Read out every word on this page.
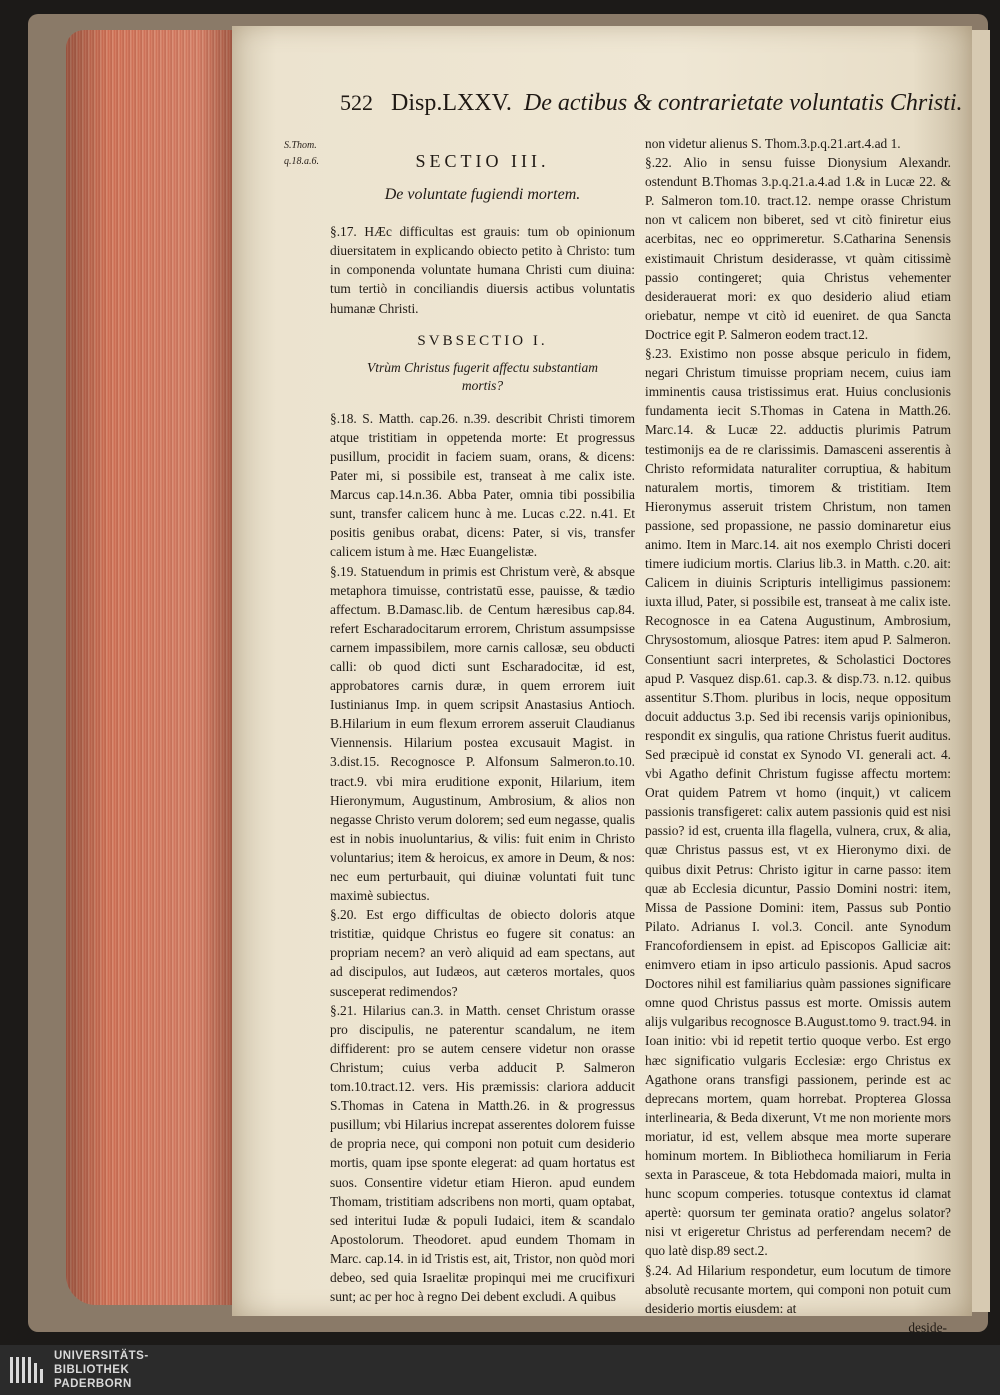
522 Disp.LXXV. De actibus & contrarietate voluntatis Christi.
S.Thom. q.18.a.6.	SECTIO III.
De voluntate fugiendi mortem.

§.17. HÆc difficultas est grauis: tum ob opinionum diuersitatem in explicando obiecto petito à Christo: tum in componenda voluntate humana Christi cum diuina: tum tertiò in conciliandis diuersis actibus voluntatis humanæ Christi.

SVBSECTIO I.
Vtrùm Christus fugerit affectu substantiam mortis?

§.18. S. Matth. cap.26. n.39. describit Christi timorem atque tristitiam in oppetenda morte: Et progressus pusillum, procidit in faciem suam, orans, & dicens: Pater mi, si possibile est, transeat à me calix iste. Marcus cap.14.n.36. Abba Pater, omnia tibi possibilia sunt, transfer calicem hunc à me. Lucas c.22. n.41. Et positis genibus orabat, dicens: Pater, si vis, transfer calicem istum à me. Hæc Euangelistæ.

§.19. Statuendum in primis est Christum verè, & absque metaphora timuisse, contristatū esse, pauisse, & tædio affectum. B.Damasc.lib. de Centum hæresibus cap.84. refert Escharadocitarum errorem, Christum assumpsisse carnem impassibilem, more carnis callosæ, seu obducti calli: ob quod dicti sunt Escharadocitæ, id est, approbatores carnis duræ, in quem errorem iuit Iustinianus Imp. in quem scripsit Anastasius Antioch. B.Hilarium in eum flexum errorem asseruit Claudianus Viennensis. Hilarium postea excusauit Magist. in 3.dist.15. Recognosce P. Alfonsum Salmeron.to.10. tract.9. vbi mira eruditione exponit, Hilarium, item Hieronymum, Augustinum, Ambrosium, & alios non negasse Christo verum dolorem; sed eum negasse, qualis est in nobis inuoluntarius, & vilis: fuit enim in Christo voluntarius; item & heroicus, ex amore in Deum, & nos: nec eum perturbauit, qui diuinæ voluntati fuit tunc maximè subiectus.

§.20. Est ergo difficultas de obiecto doloris atque tristitiæ, quidque Christus eo fugere sit conatus: an propriam necem? an verò aliquid ad eam spectans, aut ad discipulos, aut Iudæos, aut cæteros mortales, quos susceperat redimendos?

§.21. Hilarius can.3. in Matth. censet Christum orasse pro discipulis, ne paterentur scandalum, ne item diffiderent: pro se autem censere videtur non orasse Christum; cuius verba adducit P. Salmeron tom.10.tract.12. vers. His præmissis: clariora adducit S.Thomas in Catena in Matth.26. in & progressus pusillum; vbi Hilarius increpat asserentes dolorem fuisse de propria nece, qui componi non potuit cum desiderio mortis, quam ipse sponte elegerat: ad quam hortatus est suos. Consentire videtur etiam Hieron. apud eundem Thomam, tristitiam adscribens non morti, quam optabat, sed interitui Iudæ & populi Iudaici, item & scandalo Apostolorum. Theodoret. apud eundem Thomam in Marc. cap.14. in id Tristis est, ait, Tristor, non quòd mori debeo, sed quia Israelitæ propinqui mei me crucifixuri sunt; ac per hoc à regno Dei debent excludi. A quibus

non videtur alienus S. Thom.3.p.q.21.art.4.ad 1.

§.22. Alio in sensu fuisse Dionysium Alexandr. ostendunt B.Thomas 3.p.q.21.a.4.ad 1.& in Lucæ 22. & P. Salmeron tom.10. tract.12. nempe orasse Christum non vt calicem non biberet, sed vt citò finiretur eius acerbitas, nec eo opprimeretur. S.Catharina Senensis existimauit Christum desiderasse, vt quàm citissimè passio contingeret; quia Christus vehementer desiderauerat mori: ex quo desiderio aliud etiam oriebatur, nempe vt citò id eueniret. de qua Sancta Doctrice egit P. Salmeron eodem tract.12.

§.23. Existimo non posse absque periculo in fidem, negari Christum timuisse propriam necem, cuius iam imminentis causa tristissimus erat. Huius conclusionis fundamenta iecit S.Thomas in Catena in Matth.26. Marc.14. & Lucæ 22. adductis plurimis Patrum testimonijs ea de re clarissimis. Damasceni asserentis à Christo reformidata naturaliter corruptiua, & habitum naturalem mortis, timorem & tristitiam. Item Hieronymus asseruit tristem Christum, non tamen passione, sed propassione, ne passio dominaretur eius animo. Item in Marc.14. ait nos exemplo Christi doceri timere iudicium mortis. Clarius lib.3. in Matth. c.20. ait: Calicem in diuinis Scripturis intelligimus passionem: iuxta illud, Pater, si possibile est, transeat à me calix iste. Recognosce in ea Catena Augustinum, Ambrosium, Chrysostomum, aliosque Patres: item apud P. Salmeron. Consentiunt sacri interpretes, & Scholastici Doctores apud P. Vasquez disp.61. cap.3. & disp.73. n.12. quibus assentitur S.Thom. pluribus in locis, neque oppositum docuit adductus 3.p. Sed ibi recensis varijs opinionibus, respondit ex singulis, qua ratione Christus fuerit auditus. Sed præcipuè id constat ex Synodo VI. generali act. 4. vbi Agatho definit Christum fugisse affectu mortem: Orat quidem Patrem vt homo (inquit,) vt calicem passionis transfigeret: calix autem passionis quid est nisi passio? id est, cruenta illa flagella, vulnera, crux, & alia, quæ Christus passus est, vt ex Hieronymo dixi. de quibus dixit Petrus: Christo igitur in carne passo: item quæ ab Ecclesia dicuntur, Passio Domini nostri: item, Missa de Passione Domini: item, Passus sub Pontio Pilato. Adrianus I. vol.3. Concil. ante Synodum Francofordiensem in epist. ad Episcopos Galliciæ ait: enimvero etiam in ipso articulo passionis. Apud sacros Doctores nihil est familiarius quàm passiones significare omne quod Christus passus est morte. Omissis autem alijs vulgaribus recognosce B.August.tomo 9. tract.94. in Ioan initio: vbi id repetit tertio quoque verbo. Est ergo hæc significatio vulgaris Ecclesiæ: ergo Christus ex Agathone orans transfigi passionem, perinde est ac deprecans mortem, quam horrebat. Propterea Glossa interlinearia, & Beda dixerunt, Vt me non moriente mors moriatur, id est, vellem absque mea morte superare hominum mortem. In Bibliotheca homiliarum in Feria sexta in Parasceue, & tota Hebdomada maiori, multa in hunc scopum comperies. totusque contextus id clamat apertè: quorsum ter geminata oratio? angelus solator? nisi vt erigeretur Christus ad perferendam necem? de quo latè disp.89 sect.2.

§.24. Ad Hilarium respondetur, eum locutum de timore absolutè recusante mortem, qui componi non potuit cum desiderio mortis eiusdem: at

deside-
UNIVERSITÄTS-
BIBLIOTHEK
PADERBORN
